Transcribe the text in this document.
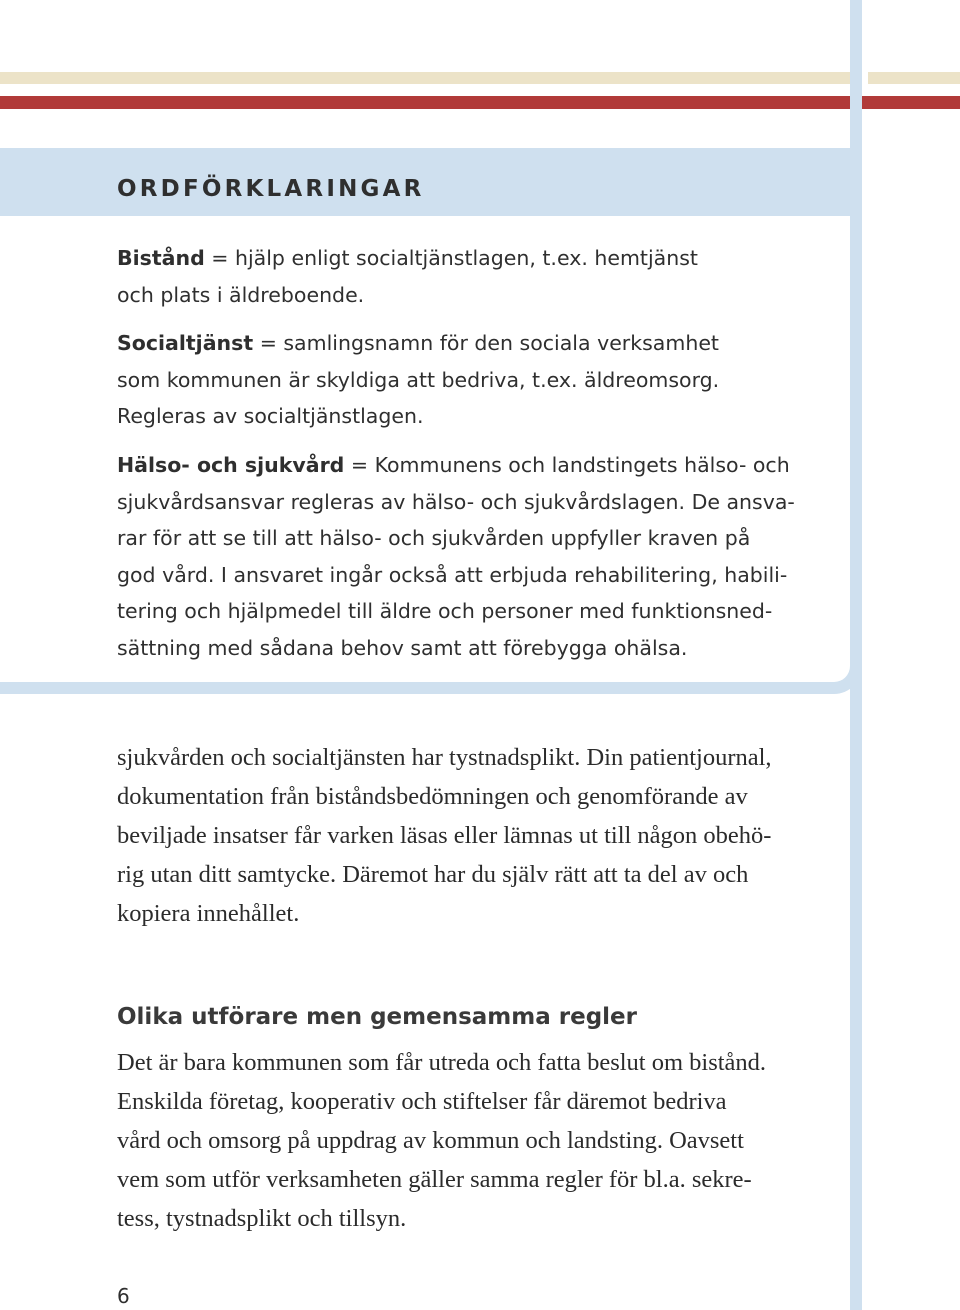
ORDFÖRKLARINGAR
Bistånd = hjälp enligt socialtjänstlagen, t.ex. hemtjänst
och plats i äldreboende.
Socialtjänst = samlingsnamn för den sociala verksamhet
som kommunen är skyldiga att bedriva, t.ex. äldreomsorg.
Regleras av socialtjänstlagen.
Hälso- och sjukvård = Kommunens och landstingets hälso- och
sjukvårdsansvar regleras av hälso- och sjukvårdslagen. De ansva-
rar för att se till att hälso- och sjukvården uppfyller kraven på
god vård. I ansvaret ingår också att erbjuda rehabilitering, habili-
tering och hjälpmedel till äldre och personer med funktionsned-
sättning med sådana behov samt att förebygga ohälsa.
sjukvården och socialtjänsten har tystnadsplikt. Din patientjournal,
dokumentation från biståndsbedömningen och genomförande av
beviljade insatser får varken läsas eller lämnas ut till någon obehö-
rig utan ditt samtycke. Däremot har du själv rätt att ta del av och
kopiera innehållet.
Olika utförare men gemensamma regler
Det är bara kommunen som får utreda och fatta beslut om bistånd.
Enskilda företag, kooperativ och stiftelser får däremot bedriva
vård och omsorg på uppdrag av kommun och landsting. Oavsett
vem som utför verksamheten gäller samma regler för bl.a. sekre-
tess, tystnadsplikt och tillsyn.
6
